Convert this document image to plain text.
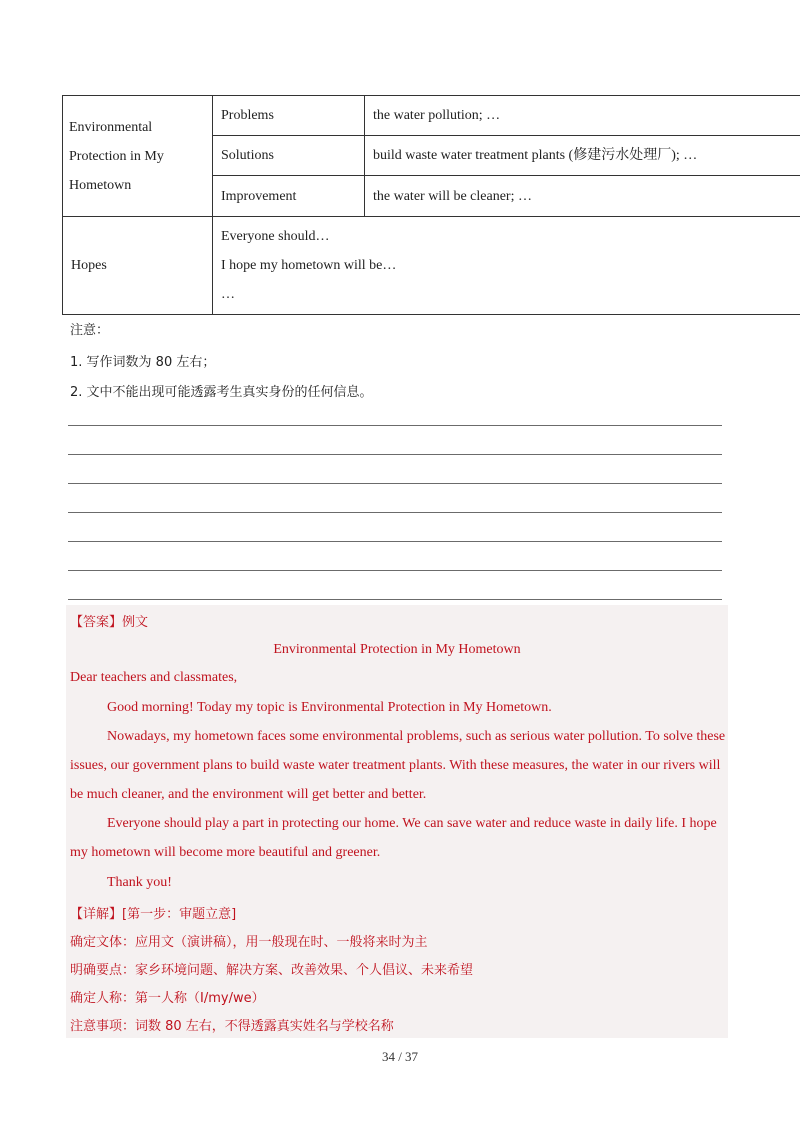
Environmental
Protection in My
Hometown	Problems	the water pollution; …
	Solutions	build waste water treatment plants (修建污水处理厂); …
	Improvement	the water will be cleaner; …
Hopes	Everyone should…
I hope my hometown will be…
…	
注意：
1. 写作词数为 80 左右；
2. 文中不能出现可能透露考生真实身份的任何信息。
【答案】例文
Environmental Protection in My Hometown
Dear teachers and classmates,
Good morning! Today my topic is Environmental Protection in My Hometown.
Nowadays, my hometown faces some environmental problems, such as serious water pollution. To solve these issues, our government plans to build waste water treatment plants. With these measures, the water in our rivers will be much cleaner, and the environment will get better and better.
Everyone should play a part in protecting our home. We can save water and reduce waste in daily life. I hope my hometown will become more beautiful and greener.
Thank you!
【详解】[第一步：审题立意]
确定文体：应用文（演讲稿），用一般现在时、一般将来时为主
明确要点：家乡环境问题、解决方案、改善效果、个人倡议、未来希望
确定人称：第一人称（I/my/we）
注意事项：词数 80 左右，不得透露真实姓名与学校名称
34 / 37
